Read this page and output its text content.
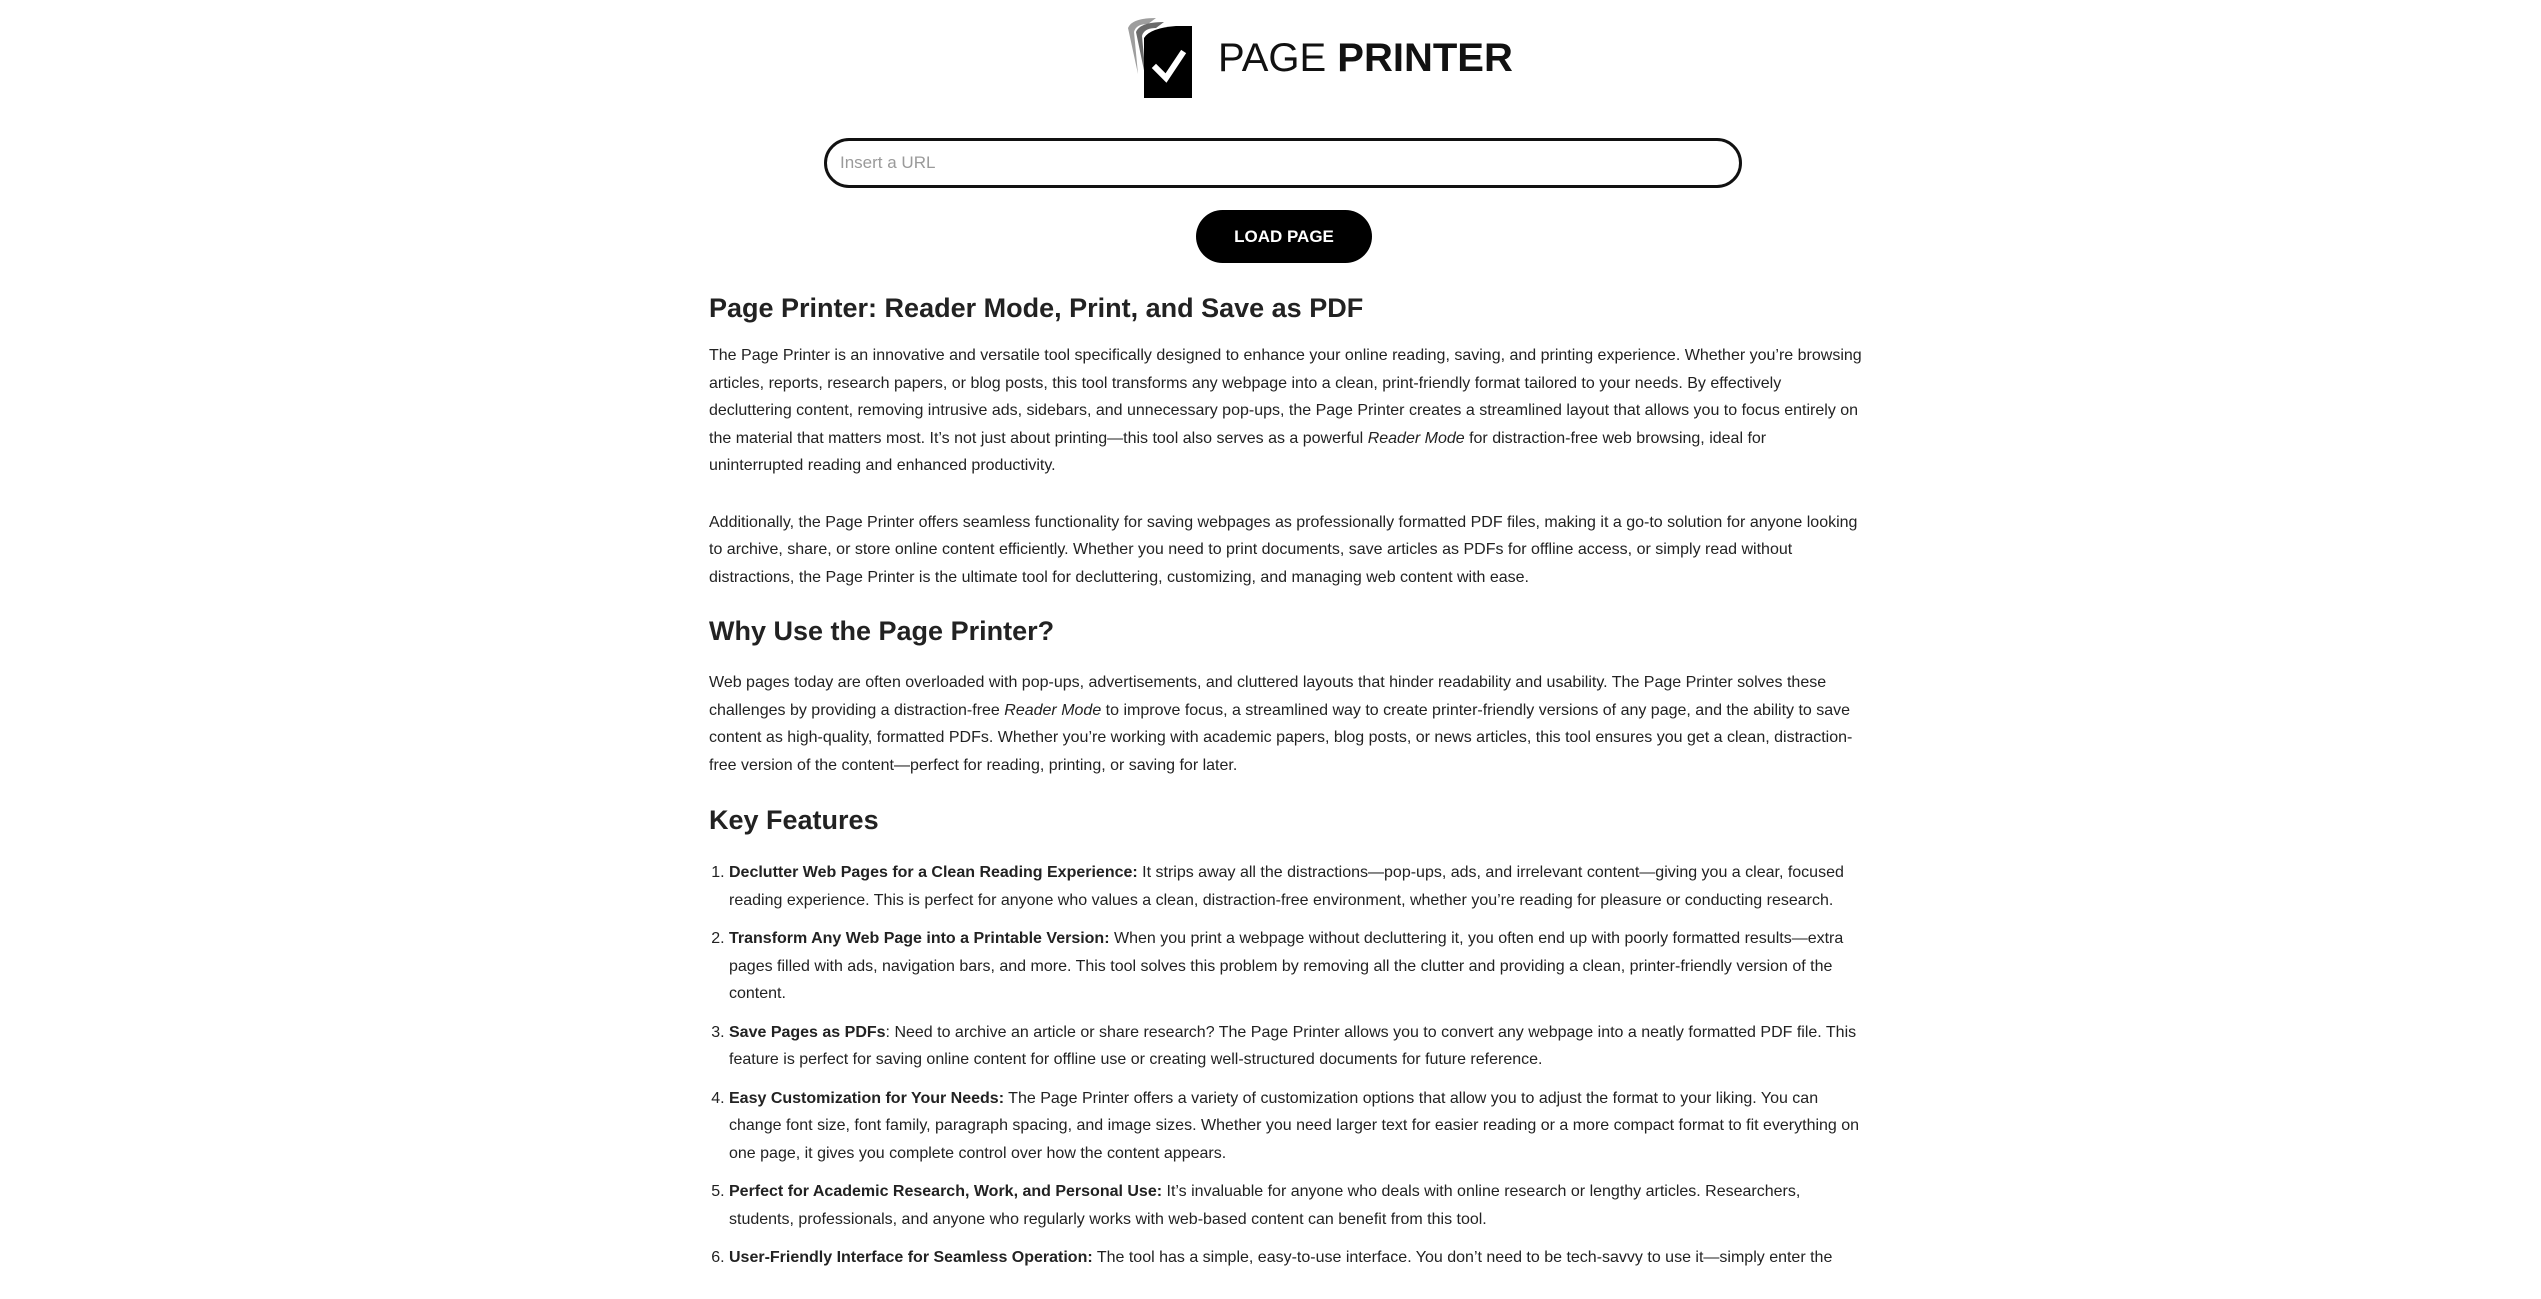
PAGE PRINTER
Insert a URL
LOAD PAGE
Page Printer: Reader Mode, Print, and Save as PDF

The Page Printer is an innovative and versatile tool specifically designed to enhance your online reading, saving, and printing experience. Whether you’re browsing articles, reports, research papers, or blog posts, this tool transforms any webpage into a clean, print-friendly format tailored to your needs. By effectively decluttering content, removing intrusive ads, sidebars, and unnecessary pop-ups, the Page Printer creates a streamlined layout that allows you to focus entirely on the material that matters most. It’s not just about printing—this tool also serves as a powerful Reader Mode for distraction-free web browsing, ideal for uninterrupted reading and enhanced productivity.

Additionally, the Page Printer offers seamless functionality for saving webpages as professionally formatted PDF files, making it a go-to solution for anyone looking to archive, share, or store online content efficiently. Whether you need to print documents, save articles as PDFs for offline access, or simply read without distractions, the Page Printer is the ultimate tool for decluttering, customizing, and managing web content with ease.

Why Use the Page Printer?

Web pages today are often overloaded with pop-ups, advertisements, and cluttered layouts that hinder readability and usability. The Page Printer solves these challenges by providing a distraction-free Reader Mode to improve focus, a streamlined way to create printer-friendly versions of any page, and the ability to save content as high-quality, formatted PDFs. Whether you’re working with academic papers, blog posts, or news articles, this tool ensures you get a clean, distraction-free version of the content—perfect for reading, printing, or saving for later.

Key Features
1. Declutter Web Pages for a Clean Reading Experience: It strips away all the distractions—pop-ups, ads, and irrelevant content—giving you a clear, focused reading experience. This is perfect for anyone who values a clean, distraction-free environment, whether you’re reading for pleasure or conducting research.
2. Transform Any Web Page into a Printable Version: When you print a webpage without decluttering it, you often end up with poorly formatted results—extra pages filled with ads, navigation bars, and more. This tool solves this problem by removing all the clutter and providing a clean, printer-friendly version of the content.
3. Save Pages as PDFs: Need to archive an article or share research? The Page Printer allows you to convert any webpage into a neatly formatted PDF file. This feature is perfect for saving online content for offline use or creating well-structured documents for future reference.
4. Easy Customization for Your Needs: The Page Printer offers a variety of customization options that allow you to adjust the format to your liking. You can change font size, font family, paragraph spacing, and image sizes. Whether you need larger text for easier reading or a more compact format to fit everything on one page, it gives you complete control over how the content appears.
5. Perfect for Academic Research, Work, and Personal Use: It’s invaluable for anyone who deals with online research or lengthy articles. Researchers, students, professionals, and anyone who regularly works with web-based content can benefit from this tool.
6. User-Friendly Interface for Seamless Operation: The tool has a simple, easy-to-use interface. You don’t need to be tech-savvy to use it—simply enter the
